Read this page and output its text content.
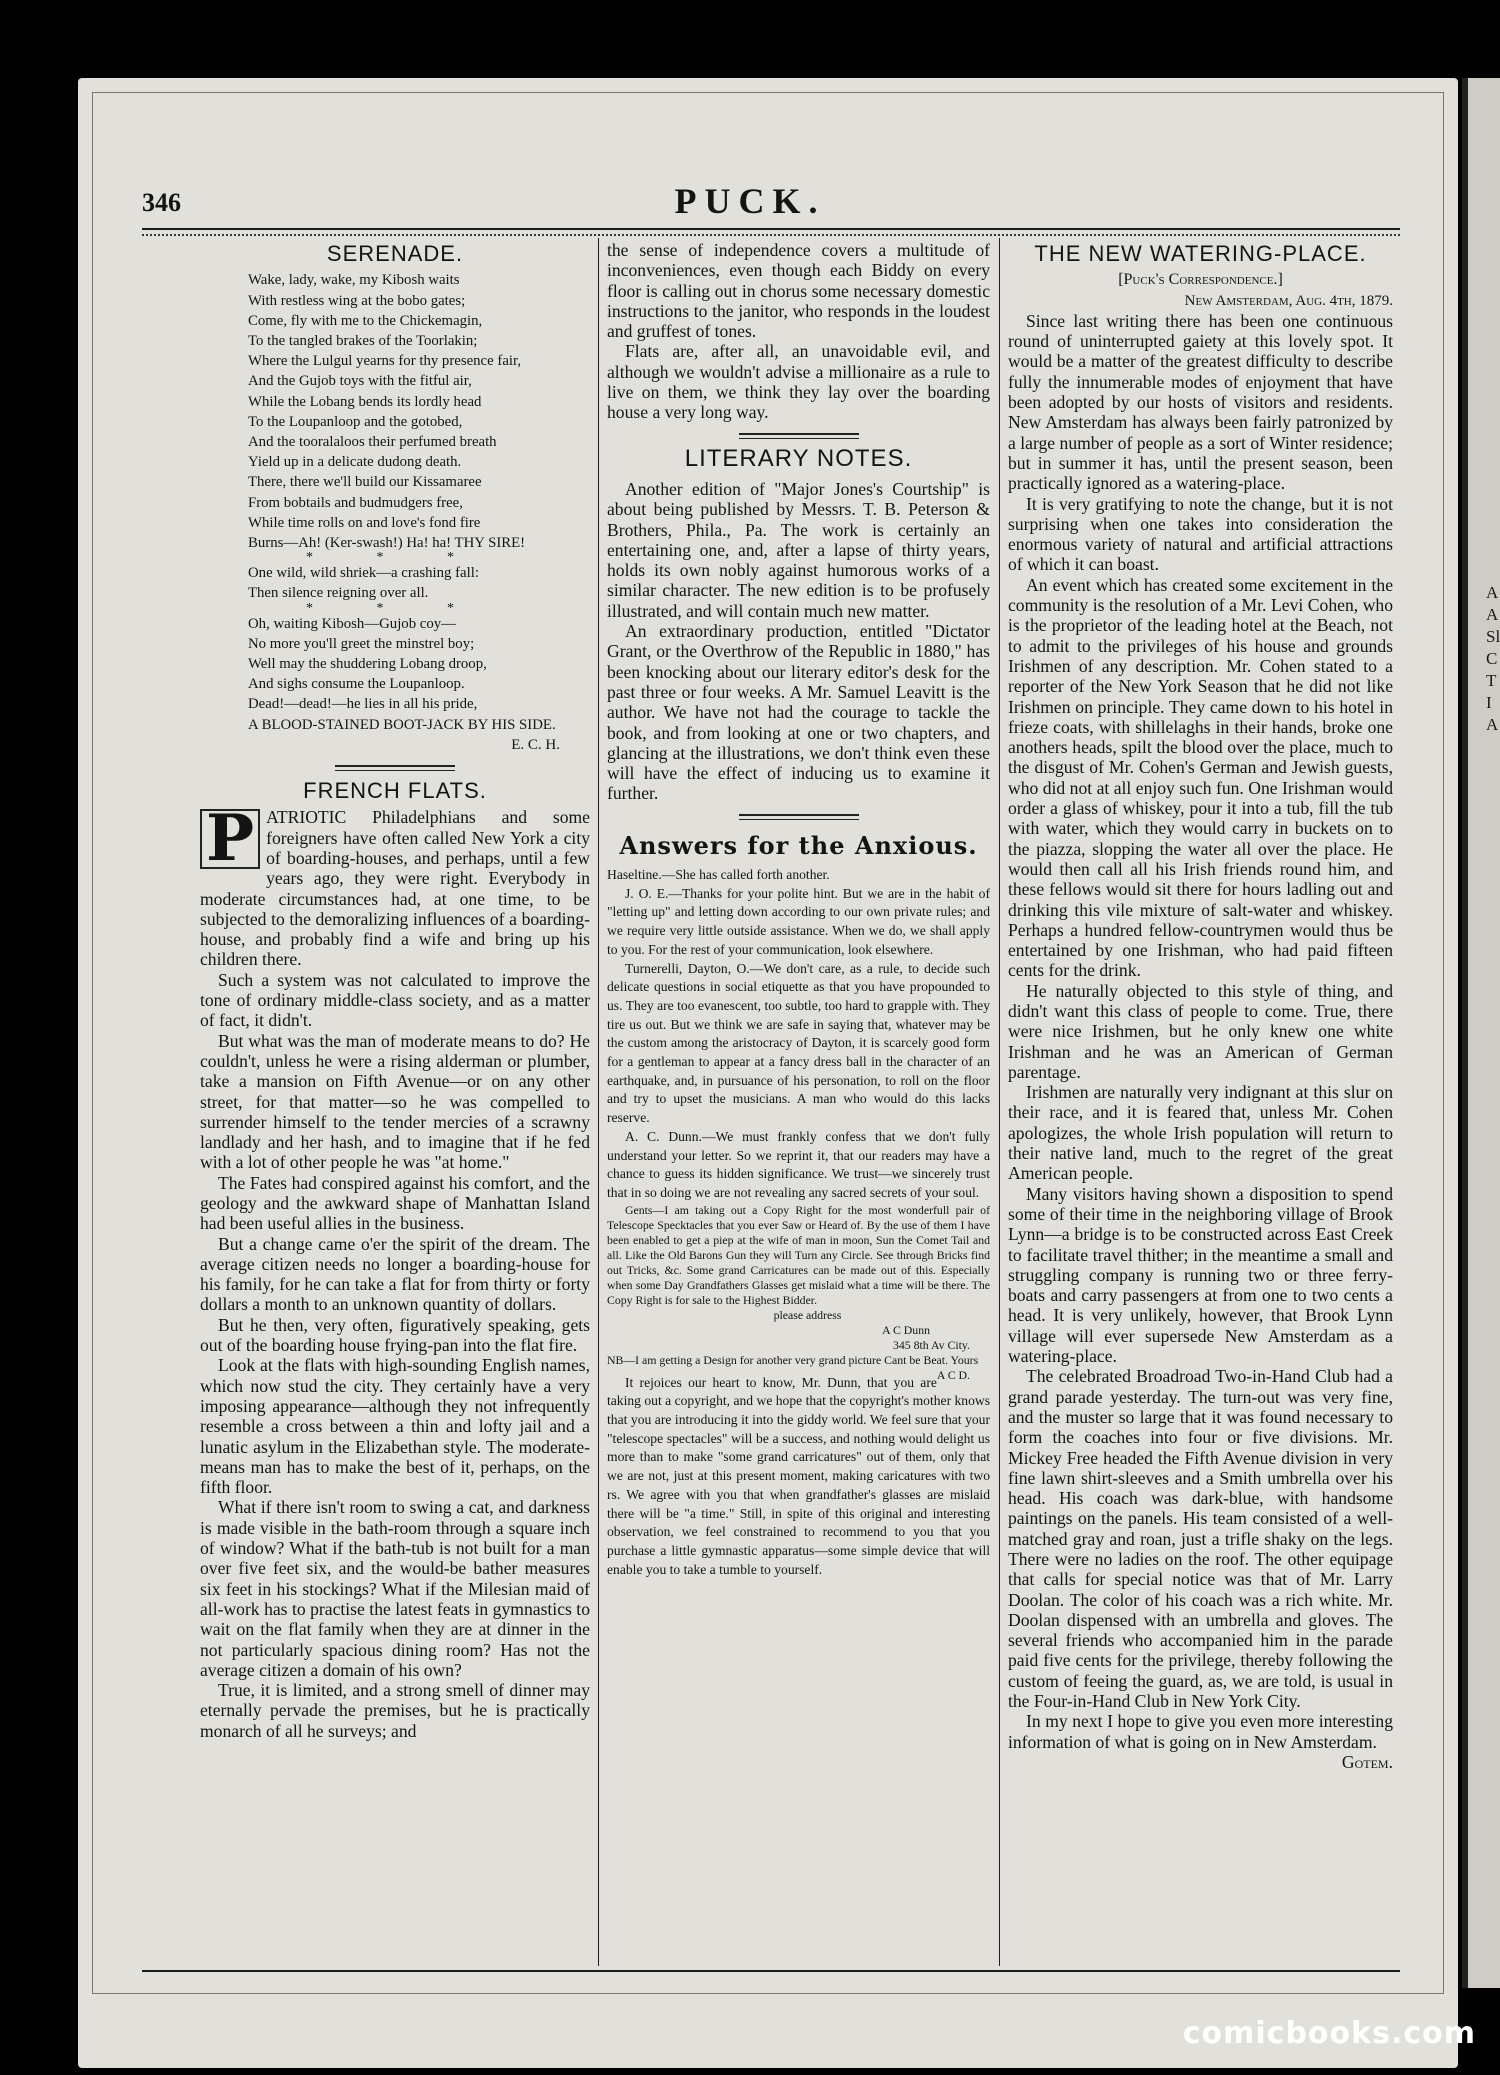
A
A
Sl
C
T
I
A
346	PUCK.
SERENADE.
Wake, lady, wake, my Kibosh waits
With restless wing at the bobo gates;
Come, fly with me to the Chickemagin,
To the tangled brakes of the Toorlakin;
Where the Lulgul yearns for thy presence fair,
And the Gujob toys with the fitful air,
While the Lobang bends its lordly head
To the Loupanloop and the gotobed,
And the tooralaloos their perfumed breath
Yield up in a delicate dudong death.
There, there we'll build our Kissamaree
From bobtails and budmudgers free,
While time rolls on and love's fond fire
Burns—Ah! (Ker-swash!) Ha! ha! THY SIRE!
* * *
One wild, wild shriek—a crashing fall:
Then silence reigning over all.
* * *
Oh, waiting Kibosh—Gujob coy—
No more you'll greet the minstrel boy;
Well may the shuddering Lobang droop,
And sighs consume the Loupanloop.
Dead!—dead!—he lies in all his pride,
A BLOOD-STAINED BOOT-JACK BY HIS SIDE.
E. C. H.
FRENCH FLATS.

P ATRIOTIC Philadelphians and some foreigners have often called New York a city of boarding-houses, and perhaps, until a few years ago, they were right. Everybody in moderate circumstances had, at one time, to be subjected to the demoralizing influences of a boarding-house, and probably find a wife and bring up his children there.

Such a system was not calculated to improve the tone of ordinary middle-class society, and as a matter of fact, it didn't.

But what was the man of moderate means to do? He couldn't, unless he were a rising alderman or plumber, take a mansion on Fifth Avenue—or on any other street, for that matter—so he was compelled to surrender himself to the tender mercies of a scrawny landlady and her hash, and to imagine that if he fed with a lot of other people he was "at home."

The Fates had conspired against his comfort, and the geology and the awkward shape of Manhattan Island had been useful allies in the business.

But a change came o'er the spirit of the dream. The average citizen needs no longer a boarding-house for his family, for he can take a flat for from thirty or forty dollars a month to an unknown quantity of dollars.

But he then, very often, figuratively speaking, gets out of the boarding house frying-pan into the flat fire.

Look at the flats with high-sounding English names, which now stud the city. They certainly have a very imposing appearance—although they not infrequently resemble a cross between a thin and lofty jail and a lunatic asylum in the Elizabethan style. The moderate-means man has to make the best of it, perhaps, on the fifth floor.

What if there isn't room to swing a cat, and darkness is made visible in the bath-room through a square inch of window? What if the bath-tub is not built for a man over five feet six, and the would-be bather measures six feet in his stockings? What if the Milesian maid of all-work has to practise the latest feats in gymnastics to wait on the flat family when they are at dinner in the not particularly spacious dining room? Has not the average citizen a domain of his own?

True, it is limited, and a strong smell of dinner may eternally pervade the premises, but he is practically monarch of all he surveys; and

the sense of independence covers a multitude of inconveniences, even though each Biddy on every floor is calling out in chorus some necessary domestic instructions to the janitor, who responds in the loudest and gruffest of tones.

Flats are, after all, an unavoidable evil, and although we wouldn't advise a millionaire as a rule to live on them, we think they lay over the boarding house a very long way.

LITERARY NOTES.

Another edition of "Major Jones's Courtship" is about being published by Messrs. T. B. Peterson & Brothers, Phila., Pa. The work is certainly an entertaining one, and, after a lapse of thirty years, holds its own nobly against humorous works of a similar character. The new edition is to be profusely illustrated, and will contain much new matter.

An extraordinary production, entitled "Dictator Grant, or the Overthrow of the Republic in 1880," has been knocking about our literary editor's desk for the past three or four weeks. A Mr. Samuel Leavitt is the author. We have not had the courage to tackle the book, and from looking at one or two chapters, and glancing at the illustrations, we don't think even these will have the effect of inducing us to examine it further.

Answers for the Anxious.

Haseltine.—She has called forth another.

J. O. E.—Thanks for your polite hint. But we are in the habit of "letting up" and letting down according to our own private rules; and we require very little outside assistance. When we do, we shall apply to you. For the rest of your communication, look elsewhere.

Turnerelli, Dayton, O.—We don't care, as a rule, to decide such delicate questions in social etiquette as that you have propounded to us. They are too evanescent, too subtle, too hard to grapple with. They tire us out. But we think we are safe in saying that, whatever may be the custom among the aristocracy of Dayton, it is scarcely good form for a gentleman to appear at a fancy dress ball in the character of an earthquake, and, in pursuance of his personation, to roll on the floor and try to upset the musicians. A man who would do this lacks reserve.

A. C. Dunn.—We must frankly confess that we don't fully understand your letter. So we reprint it, that our readers may have a chance to guess its hidden significance. We trust—we sincerely trust that in so doing we are not revealing any sacred secrets of your soul.

Gents—I am taking out a Copy Right for the most wonderfull pair of Telescope Specktacles that you ever Saw or Heard of. By the use of them I have been enabled to get a piep at the wife of man in moon, Sun the Comet Tail and all. Like the Old Barons Gun they will Turn any Circle. See through Bricks find out Tricks, &c. Some grand Carricatures can be made out of this. Especially when some Day Grandfathers Glasses get mislaid what a time will be there. The Copy Right is for sale to the Highest Bidder.

please address

A C Dunn
345 8th Av City.

NB—I am getting a Design for another very grand picture Cant be Beat. Yours
A C D.

It rejoices our heart to know, Mr. Dunn, that you are taking out a copyright, and we hope that the copyright's mother knows that you are introducing it into the giddy world. We feel sure that your "telescope spectacles" will be a success, and nothing would delight us more than to make "some grand carricatures" out of them, only that we are not, just at this present moment, making caricatures with two rs. We agree with you that when grandfather's glasses are mislaid there will be "a time." Still, in spite of this original and interesting observation, we feel constrained to recommend to you that you purchase a little gymnastic apparatus—some simple device that will enable you to take a tumble to yourself.

THE NEW WATERING-PLACE.
[Puck's Correspondence.]
New Amsterdam, Aug. 4th, 1879.

Since last writing there has been one continuous round of uninterrupted gaiety at this lovely spot. It would be a matter of the greatest difficulty to describe fully the innumerable modes of enjoyment that have been adopted by our hosts of visitors and residents. New Amsterdam has always been fairly patronized by a large number of people as a sort of Winter residence; but in summer it has, until the present season, been practically ignored as a watering-place.

It is very gratifying to note the change, but it is not surprising when one takes into consideration the enormous variety of natural and artificial attractions of which it can boast.

An event which has created some excitement in the community is the resolution of a Mr. Levi Cohen, who is the proprietor of the leading hotel at the Beach, not to admit to the privileges of his house and grounds Irishmen of any description. Mr. Cohen stated to a reporter of the New York Season that he did not like Irishmen on principle. They came down to his hotel in frieze coats, with shillelaghs in their hands, broke one anothers heads, spilt the blood over the place, much to the disgust of Mr. Cohen's German and Jewish guests, who did not at all enjoy such fun. One Irishman would order a glass of whiskey, pour it into a tub, fill the tub with water, which they would carry in buckets on to the piazza, slopping the water all over the place. He would then call all his Irish friends round him, and these fellows would sit there for hours ladling out and drinking this vile mixture of salt-water and whiskey. Perhaps a hundred fellow-countrymen would thus be entertained by one Irishman, who had paid fifteen cents for the drink.

He naturally objected to this style of thing, and didn't want this class of people to come. True, there were nice Irishmen, but he only knew one white Irishman and he was an American of German parentage.

Irishmen are naturally very indignant at this slur on their race, and it is feared that, unless Mr. Cohen apologizes, the whole Irish population will return to their native land, much to the regret of the great American people.

Many visitors having shown a disposition to spend some of their time in the neighboring village of Brook Lynn—a bridge is to be constructed across East Creek to facilitate travel thither; in the meantime a small and struggling company is running two or three ferry-boats and carry passengers at from one to two cents a head. It is very unlikely, however, that Brook Lynn village will ever supersede New Amsterdam as a watering-place.

The celebrated Broadroad Two-in-Hand Club had a grand parade yesterday. The turn-out was very fine, and the muster so large that it was found necessary to form the coaches into four or five divisions. Mr. Mickey Free headed the Fifth Avenue division in very fine lawn shirt-sleeves and a Smith umbrella over his head. His coach was dark-blue, with handsome paintings on the panels. His team consisted of a well-matched gray and roan, just a trifle shaky on the legs. There were no ladies on the roof. The other equipage that calls for special notice was that of Mr. Larry Doolan. The color of his coach was a rich white. Mr. Doolan dispensed with an umbrella and gloves. The several friends who accompanied him in the parade paid five cents for the privilege, thereby following the custom of feeing the guard, as, we are told, is usual in the Four-in-Hand Club in New York City.

In my next I hope to give you even more interesting information of what is going on in New Amsterdam.
Gotem.

comicbooks.com
